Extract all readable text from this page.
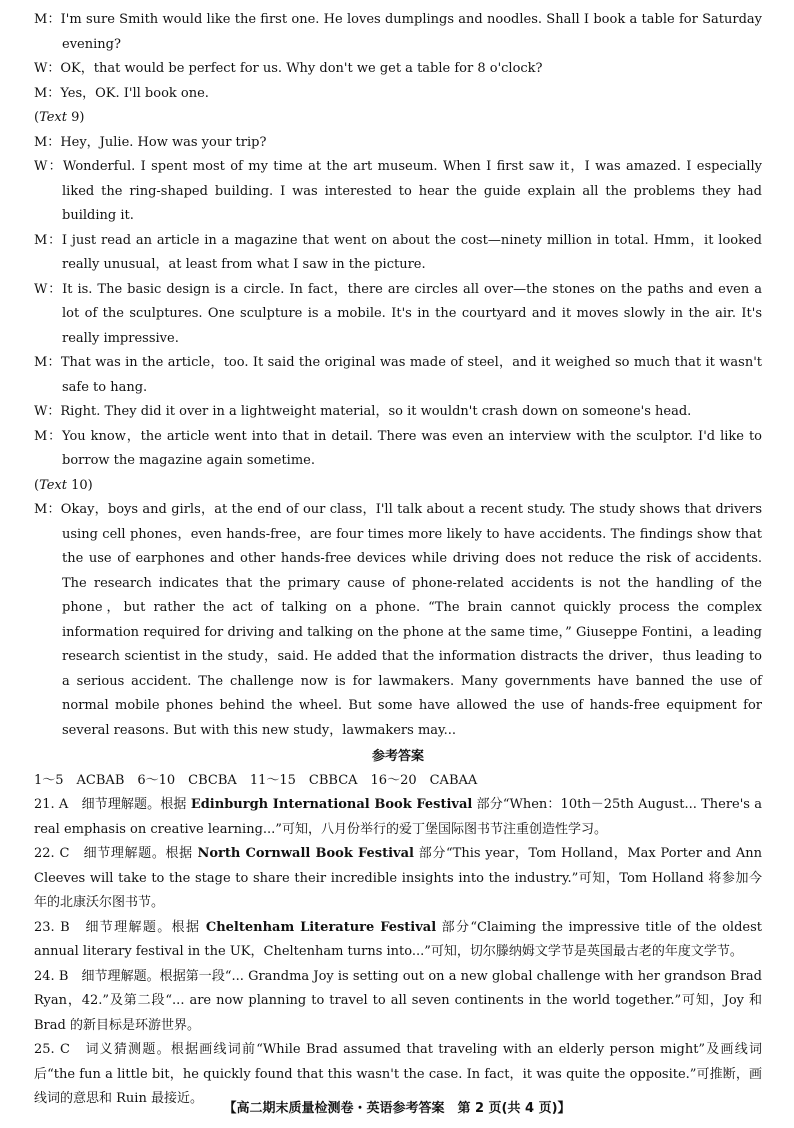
M：I'm sure Smith would like the first one. He loves dumplings and noodles. Shall I book a table for Saturday evening?

W：OK，that would be perfect for us. Why don't we get a table for 8 o'clock?

M：Yes，OK. I'll book one.

(Text 9)

M：Hey，Julie. How was your trip?

W：Wonderful. I spent most of my time at the art museum. When I first saw it，I was amazed. I especially liked the ring-shaped building. I was interested to hear the guide explain all the problems they had building it.

M：I just read an article in a magazine that went on about the cost—ninety million in total. Hmm，it looked really unusual，at least from what I saw in the picture.

W：It is. The basic design is a circle. In fact，there are circles all over—the stones on the paths and even a lot of the sculptures. One sculpture is a mobile. It's in the courtyard and it moves slowly in the air. It's really impressive.

M：That was in the article，too. It said the original was made of steel，and it weighed so much that it wasn't safe to hang.

W：Right. They did it over in a lightweight material，so it wouldn't crash down on someone's head.

M：You know，the article went into that in detail. There was even an interview with the sculptor. I'd like to borrow the magazine again sometime.

(Text 10)

M：Okay，boys and girls，at the end of our class，I'll talk about a recent study. The study shows that drivers using cell phones，even hands-free，are four times more likely to have accidents. The findings show that the use of earphones and other hands-free devices while driving does not reduce the risk of accidents. The research indicates that the primary cause of phone-related accidents is not the handling of the phone，but rather the act of talking on a phone. “The brain cannot quickly process the complex information required for driving and talking on the phone at the same time，” Giuseppe Fontini，a leading research scientist in the study，said. He added that the information distracts the driver，thus leading to a serious accident. The challenge now is for lawmakers. Many governments have banned the use of normal mobile phones behind the wheel. But some have allowed the use of hands-free equipment for several reasons. But with this new study，lawmakers may...

参考答案

1～5　ACBAB　6～10　CBCBA　11～15　CBBCA　16～20　CABAA

21. A　细节理解题。根据 Edinburgh International Book Festival 部分“When：10th－25th August... There's a real emphasis on creative learning...”可知，八月份举行的爱丁堡国际图书节注重创造性学习。

22. C　细节理解题。根据 North Cornwall Book Festival 部分“This year，Tom Holland，Max Porter and Ann Cleeves will take to the stage to share their incredible insights into the industry.”可知，Tom Holland 将参加今年的北康沃尔图书节。

23. B　细节理解题。根据 Cheltenham Literature Festival 部分“Claiming the impressive title of the oldest annual literary festival in the UK，Cheltenham turns into...”可知，切尔滕纳姆文学节是英国最古老的年度文学节。

24. B　细节理解题。根据第一段“... Grandma Joy is setting out on a new global challenge with her grandson Brad Ryan，42.”及第二段“... are now planning to travel to all seven continents in the world together.”可知，Joy 和 Brad 的新目标是环游世界。

25. C　词义猜测题。根据画线词前“While Brad assumed that traveling with an elderly person might”及画线词后“the fun a little bit，he quickly found that this wasn't the case. In fact，it was quite the opposite.”可推断，画线词的意思和 Ruin 最接近。

【高二期末质量检测卷・英语参考答案　第 2 页(共 4 页)】
